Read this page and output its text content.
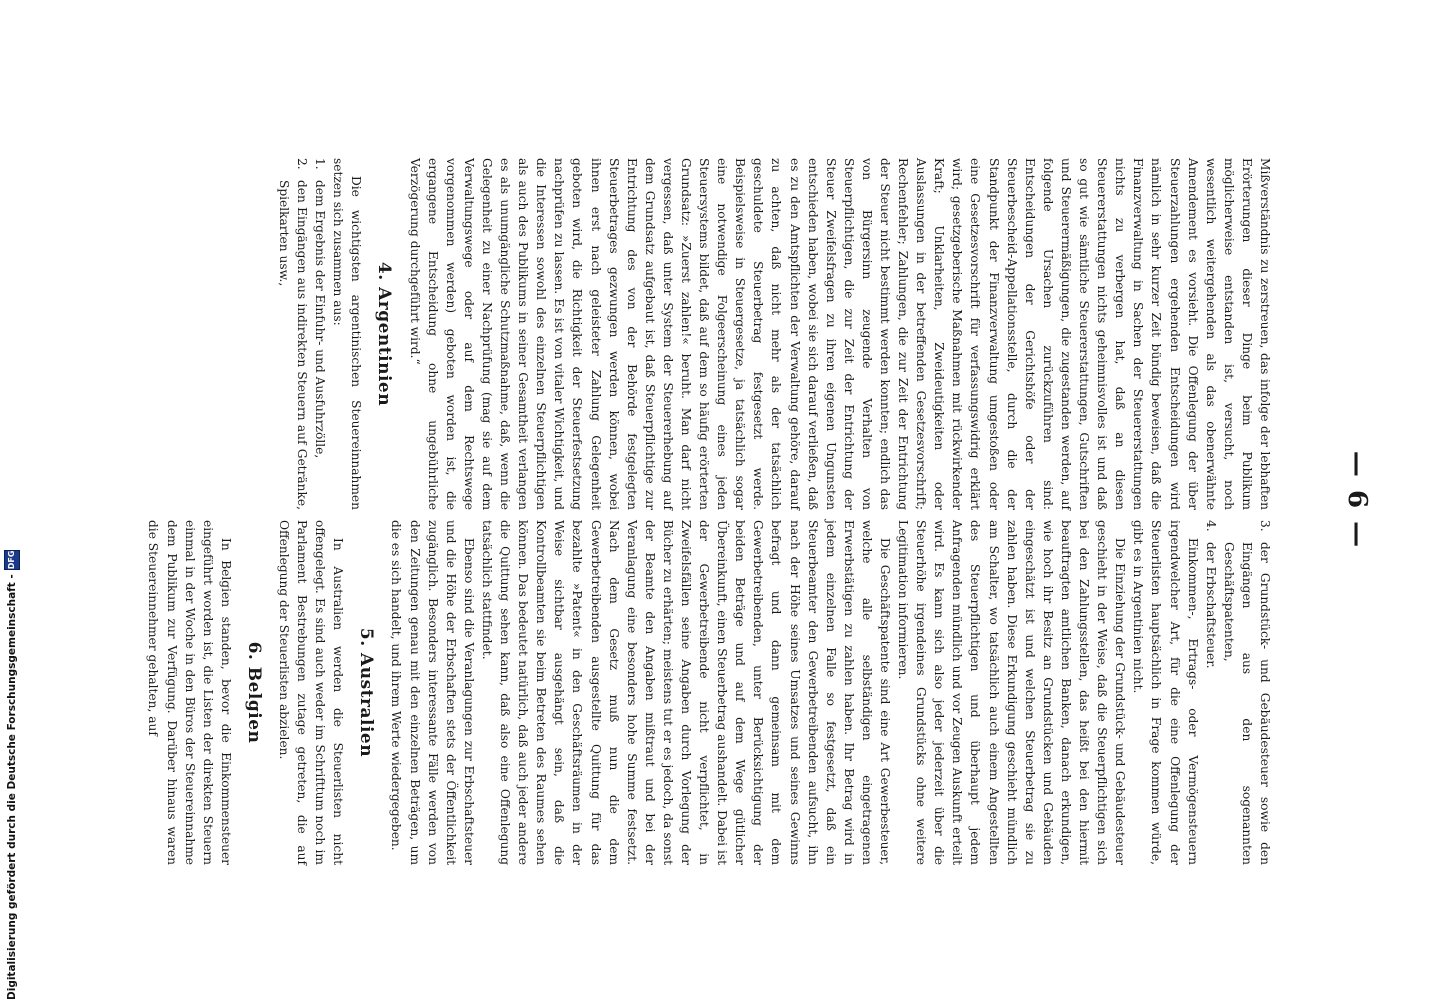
— 6 —

Mißverständnis zu zerstreuen, das infolge der lebhaften Erörterungen dieser Dinge beim Publikum möglicherweise entstanden ist, versucht, noch wesentlich weitergehenden als das obenerwähnte Amendement es vorsieht. Die Offenlegung der über Steuerzahlungen ergehenden Entscheidungen wird nämlich in sehr kurzer Zeit bündig beweisen, daß die Finanzverwaltung in Sachen der Steuererstattungen nichts zu verbergen hat, daß an diesen Steuererstattungen nichts geheimnisvolles ist und daß so gut wie sämtliche Steuererstattungen, Gutschriften und Steuerermäßigungen, die zugestanden werden, auf folgende Ursachen zurückzuführen sind: Entscheidungen der Gerichtshöfe oder der Steuerbescheid-Appellationsstelle, durch die der Standpunkt der Finanzverwaltung umgestoßen oder eine Gesetzesvorschrift für verfassungswidrig erklärt wird; gesetzgeberische Maßnahmen mit rückwirkender Kraft; Unklarheiten, Zweideutigkeiten oder Auslassungen in der betreffenden Gesetzesvorschrift; Rechenfehler; Zahlungen, die zur Zeit der Entrichtung der Steuer nicht bestimmt werden konnten; endlich das von Bürgersinn zeugende Verhalten von Steuerpflichtigen, die zur Zeit der Entrichtung der Steuer Zweifelsfragen zu ihren eigenen Ungunsten entschieden haben, wobei sie sich darauf verließen, daß es zu den Amtspflichten der Verwaltung gehöre, darauf zu achten, daß nicht mehr als der tatsächlich geschuldete Steuerbetrag festgesetzt werde. Beispielsweise in Steuergesetze, ja tatsächlich sogar eine notwendige Folgeerscheinung eines jeden Steuersystems bildet, daß auf dem so häufig erörterten Grundsatz: »Zuerst zahlen!« beruht. Man darf nicht vergessen, daß unter System der Steuererhebung auf dem Grundsatz aufgebaut ist, daß Steuerpflichtige zur Entrichtung des von der Behörde festgelegten Steuerbetrages gezwungen werden können, wobei ihnen erst nach geleisteter Zahlung Gelegenheit geboten wird, die Richtigkeit der Steuerfestsetzung nachprüfen zu lassen. Es ist von vitaler Wichtigkeit, und die Interessen sowohl des einzelnen Steuerpflichtigen als auch des Publikums in seiner Gesamtheit verlangen es als unumgängliche Schutzmaßnahme, daß, wenn die Gelegenheit zu einer Nachprüfung (mag sie auf dem Verwaltungswege oder auf dem Rechtswege vorgenommen werden) geboten worden ist, die ergangene Entscheidung ohne ungebührliche Verzögerung durchgeführt wird.“

4. Argentinien

Die wichtigsten argentinischen Steuereinnahmen setzen sich zusammen aus:

1.
dem Ergebnis der Einfuhr- und Ausfuhrzölle,
2.
den Eingängen aus indirekten Steuern auf Getränke, Spielkarten usw.,
3.
der Grundstück- und Gebäudesteuer sowie den Eingängen aus den sogenannten Geschäftspatenten,
4.
der Erbschaftsteuer.

Einkommen-, Ertrags- oder Vermögensteuern irgendwelcher Art, für die eine Offenlegung der Steuerlisten hauptsächlich in Frage kommen würde, gibt es in Argentinien nicht.

Die Einziehung der Grundstück- und Gebäudesteuer geschieht in der Weise, daß die Steuerpflichtigen sich bei den Zahlungsstellen, das heißt bei den hiermit beauftragten amtlichen Banken, danach erkundigen, wie hoch ihr Besitz an Grundstücken und Gebäuden eingeschätzt ist und welchen Steuerbetrag sie zu zahlen haben. Diese Erkundigung geschieht mündlich am Schalter, wo tatsächlich auch einem Angestellten des Steuerpflichtigen und überhaupt jedem Anfragenden mündlich und vor Zeugen Auskunft erteilt wird. Es kann sich also jeder jederzeit über die Steuerhöhe irgendeines Grundstücks ohne weitere Legitimation informieren.

Die Geschäftspatente sind eine Art Gewerbesteuer, welche alle selbständigen eingetragenen Erwerbstätigen zu zahlen haben. Ihr Betrag wird in jedem einzelnen Falle so festgesetzt, daß ein Steuerbeamter den Gewerbetreibenden aufsucht, ihn nach der Höhe seines Umsatzes und seines Gewinns befragt und dann gemeinsam mit dem Gewerbetreibenden, unter Berücksichtigung der beiden Beträge und auf dem Wege gütlicher Übereinkunft, einen Steuerbetrag aushandelt. Dabei ist der Gewerbetreibende nicht verpflichtet, in Zweifelsfällen seine Angaben durch Vorlegung der Bücher zu erhärten; meistens tut er es jedoch, da sonst der Beamte den Angaben mißtraut und bei der Veranlagung eine besonders hohe Summe festsetzt. Nach dem Gesetz muß nun die dem Gewerbetreibenden ausgestellte Quittung für das bezahlte »Patent« in den Geschäftsräumen in der Weise sichtbar ausgehängt sein, daß die Kontrollbeamten sie beim Betreten des Raumes sehen können. Das bedeutet natürlich, daß auch jeder andere die Quittung sehen kann, daß also eine Offenlegung tatsächlich stattfindet.

Ebenso sind die Veranlagungen zur Erbschaftsteuer und die Höhe der Erbschaften stets der Öffentlichkeit zugänglich. Besonders interessante Fälle werden von den Zeitungen genau mit den einzelnen Beträgen, um die es sich handelt, und ihrem Werte wiedergegeben.

5. Australien

In Australien werden die Steuerlisten nicht offengelegt. Es sind auch weder im Schrifttum noch im Parlament Bestrebungen zutage getreten, die auf Offenlegung der Steuerlisten abzielen.

6. Belgien

In Belgien standen, bevor die Einkommensteuer eingeführt worden ist, die Listen der direkten Steuern einmal in der Woche in den Büros der Steuereinnahme dem Publikum zur Verfügung. Darüber hinaus waren die Steuereinnehmer gehalten, auf

Digitalisierung gefördert durch die Deutsche Forschungsgemeinschaft -
DFG
